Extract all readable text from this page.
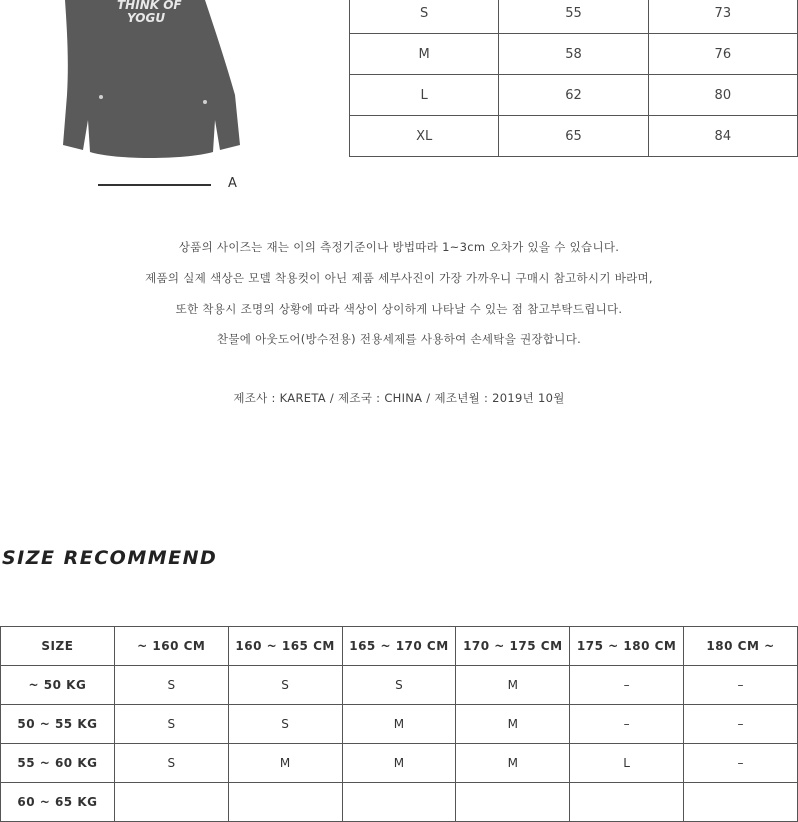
THINK OF
YOGU
A
S	55	73
M	58	76
L	62	80
XL	65	84
상품의 사이즈는 재는 이의 측정기준이나 방법따라 1~3cm 오차가 있을 수 있습니다.
제품의 실제 색상은 모델 착용컷이 아닌 제품 세부사진이 가장 가까우니 구매시 참고하시기 바라며,
또한 착용시 조명의 상황에 따라 색상이 상이하게 나타날 수 있는 점 참고부탁드립니다.
찬물에 아웃도어(방수전용) 전용세제를 사용하여 손세탁을 권장합니다.
제조사 : KARETA / 제조국 : CHINA / 제조년월 : 2019년 10월
SIZE RECOMMEND
SIZE	~ 160 CM	160 ~ 165 CM	165 ~ 170 CM	170 ~ 175 CM	175 ~ 180 CM	180 CM ~
~ 50 KG	S	S	S	M	–	–
50 ~ 55 KG	S	S	M	M	–	–
55 ~ 60 KG	S	M	M	M	L	–
60 ~ 65 KG						
